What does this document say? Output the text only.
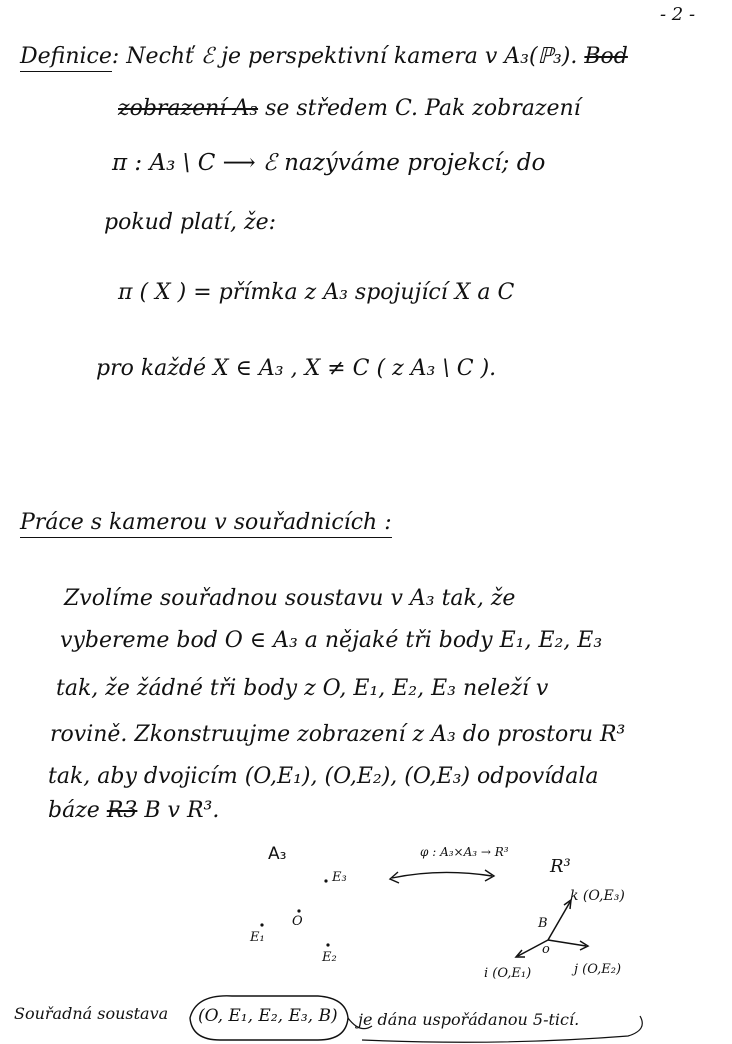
- 2 -
Definice: Nechť ℰ je perspektivní kamera v A₃(ℙ₃). Bod
zobrazení A₃ se středem C. Pak zobrazení
π : A₃ \ C ⟶ ℰ nazýváme projekcí; do
pokud platí, že:
π ( X ) = přímka z A₃ spojující X a C
pro každé X ∈ A₃ , X ≠ C ( z A₃ \ C ).
Práce s kamerou v souřadnicích :
Zvolíme souřadnou soustavu v A₃ tak, že
vybereme bod O ∈ A₃ a nějaké tři body E₁, E₂, E₃
tak, že žádné tři body z O, E₁, E₂, E₃ neleží v
rovině. Zkonstruujme zobrazení z A₃ do prostoru R³
tak, aby dvojicím (O,E₁), (O,E₂), (O,E₃) odpovídala
báze R3 B v R³.
A₃	φ : A₃×A₃ → R³
R³
E₃
O
E₁
E₂
k (O,E₃)
B
o
i (O,E₁)	j (O,E₂)
Souřadná soustava (O, E₁, E₂, E₃, B) je dána uspořádanou 5-ticí.
